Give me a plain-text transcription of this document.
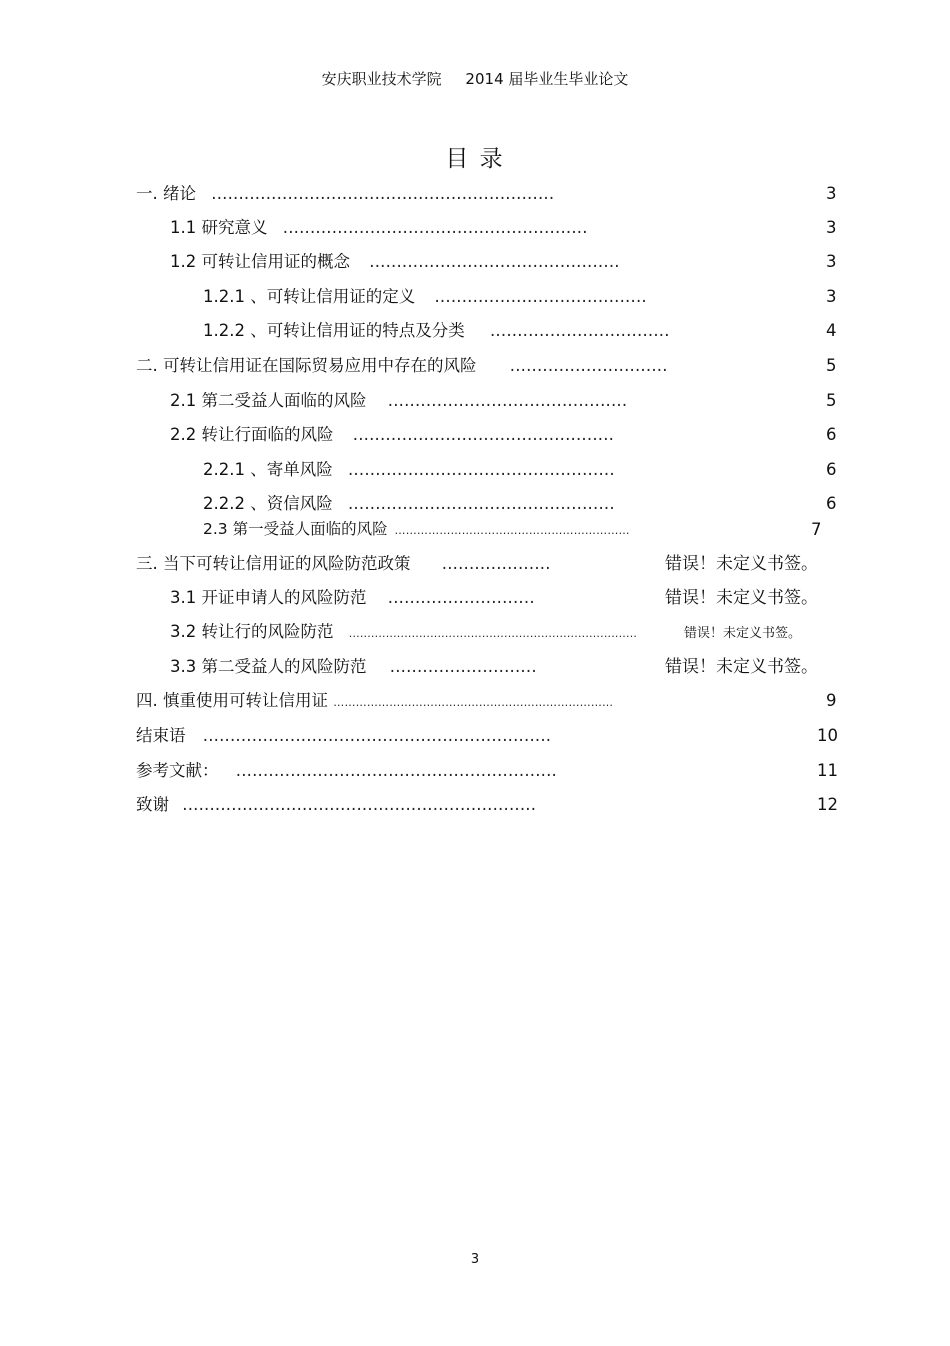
安庆职业技术学院     2014 届毕业生毕业论文
目 录
一. 绪论 ...............................................................	3
1.1 研究意义 ........................................................	3
1.2 可转让信用证的概念 ..............................................	3
1.2.1 、可转让信用证的定义 .......................................	3
1.2.2 、可转让信用证的特点及分类 .................................	4
二. 可转让信用证在国际贸易应用中存在的风险 .............................	5
2.1 第二受益人面临的风险 ............................................	5
2.2 转让行面临的风险 ................................................	6
2.2.1 、寄单风险 .................................................	6
2.2.2 、资信风险 .................................................	6
2.3 第一受益人面临的风险 ………………………………………………………	7
三. 当下可转让信用证的风险防范政策 ....................	错误！未定义书签。
3.1 开证申请人的风险防范 ...........................	错误！未定义书签。
3.2 转让行的风险防范 ..............................................................................	错误！未定义书签。
3.3 第二受益人的风险防范 ...........................	错误！未定义书签。
四. 慎重使用可转让信用证 …………………………………………………………………	9
结束语 ................................................................	10
参考文献： ...........................................................	11
致谢 .................................................................	12
3
